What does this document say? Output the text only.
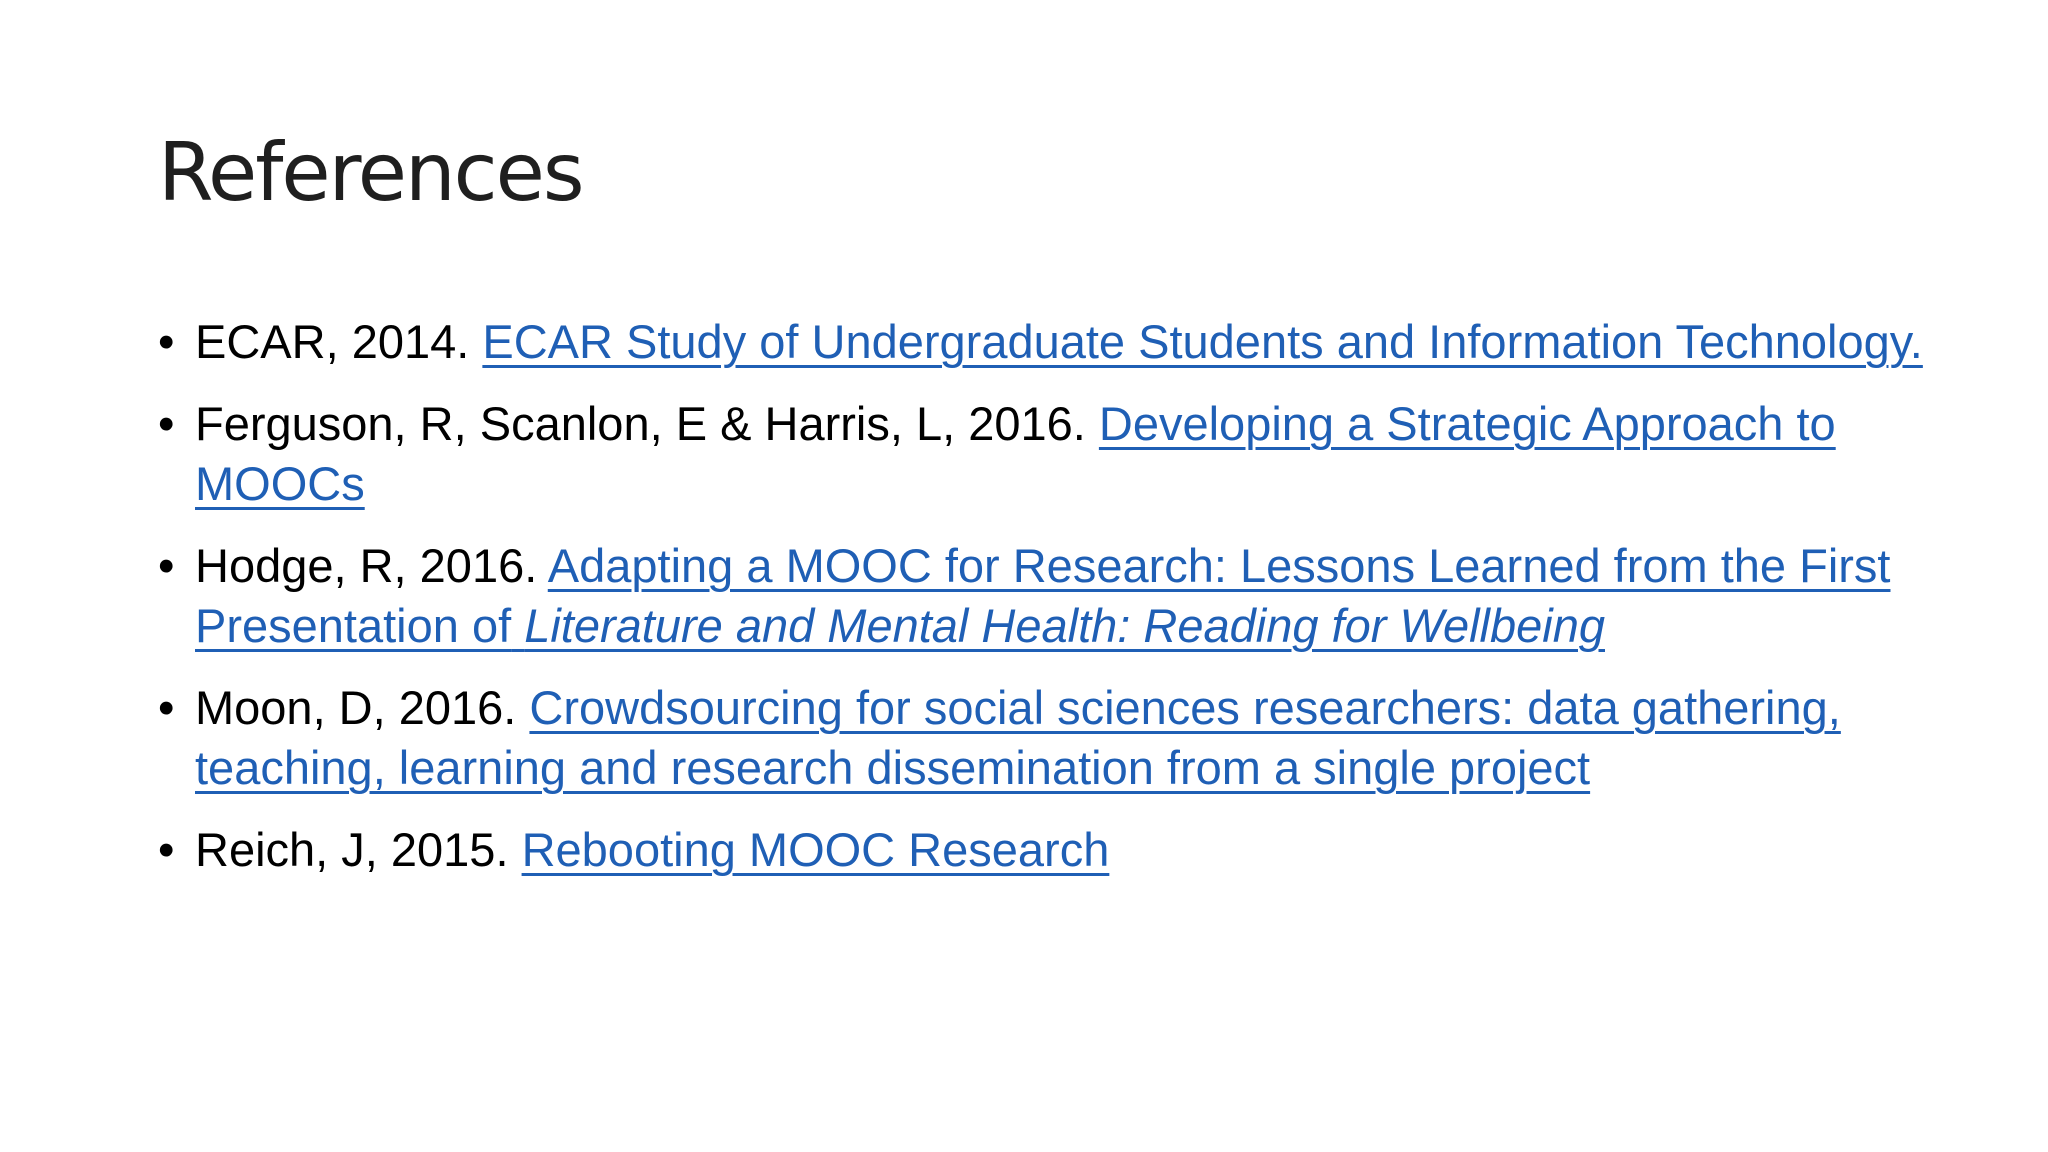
References
• ECAR, 2014. ECAR Study of Undergraduate Students and Information Technology.
• Ferguson, R, Scanlon, E & Harris, L, 2016. Developing a Strategic Approach to MOOCs
• Hodge, R, 2016. Adapting a MOOC for Research: Lessons Learned from the First Presentation of Literature and Mental Health: Reading for Wellbeing
• Moon, D, 2016. Crowdsourcing for social sciences researchers: data gathering, teaching, learning and research dissemination from a single project
• Reich, J, 2015. Rebooting MOOC Research
